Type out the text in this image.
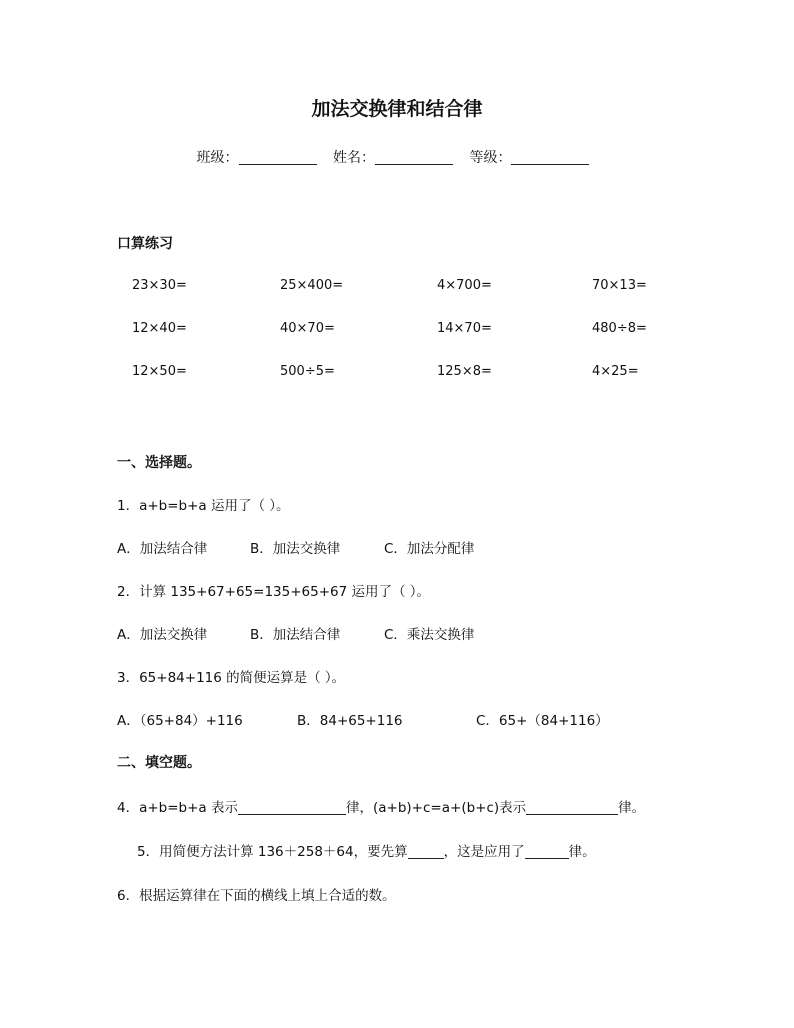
加法交换律和结合律
班级：	姓名：	等级：
口算练习
23×30=	25×400=	4×700=	70×13=
12×40=	40×70=	14×70=	480÷8=
12×50=	500÷5=	125×8=	4×25=
一、选择题。
1．a+b=b+a 运用了（ ）。
A．加法结合律	B．加法交换律	C．加法分配律
2．计算 135+67+65=135+65+67 运用了（ ）。
A．加法交换律	B．加法结合律	C．乘法交换律
3．65+84+116 的简便运算是（ ）。
A．（65+84）+116	B．84+65+116	C．65+（84+116）
二、填空题。
4．a+b=b+a 表示	律，(a+b)+c=a+(b+c)表示	律。
5．用简便方法计算 136＋258＋64，要先算	，这是应用了	律。
6．根据运算律在下面的横线上填上合适的数。
